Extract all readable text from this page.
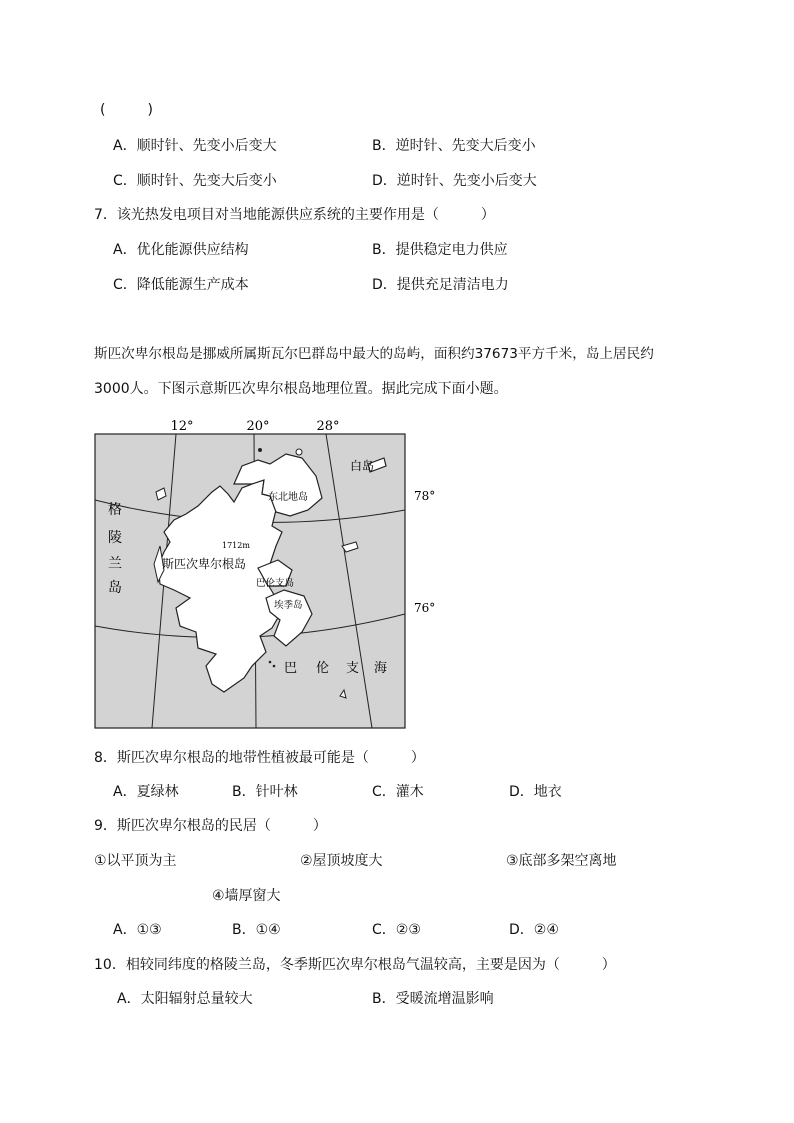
(　　　)
A．顺时针、先变小后变大	B．逆时针、先变大后变小
C．顺时针、先变大后变小	D．逆时针、先变小后变大
7．该光热发电项目对当地能源供应系统的主要作用是（　　　）
A．优化能源供应结构	B．提供稳定电力供应
C．降低能源生产成本	D．提供充足清洁电力
斯匹次卑尔根岛是挪威所属斯瓦尔巴群岛中最大的岛屿，面积约37673平方千米，岛上居民约
3000人。下图示意斯匹次卑尔根岛地理位置。据此完成下面小题。
12°	20°	28°
格
陵
兰
岛
白岛
东北地岛
1712m
斯匹次卑尔根岛
巴伦支岛
埃季岛
78°
76°
巴 伦 支 海
8．斯匹次卑尔根岛的地带性植被最可能是（　　　）
A．夏绿林	B．针叶林	C．灌木	D．地衣
9．斯匹次卑尔根岛的民居（　　　）
①以平顶为主	②屋顶坡度大	③底部多架空离地
④墙厚窗大
A．①③	B．①④	C．②③	D．②④
10．相较同纬度的格陵兰岛，冬季斯匹次卑尔根岛气温较高，主要是因为（　　　）
A．太阳辐射总量较大	B．受暖流增温影响
